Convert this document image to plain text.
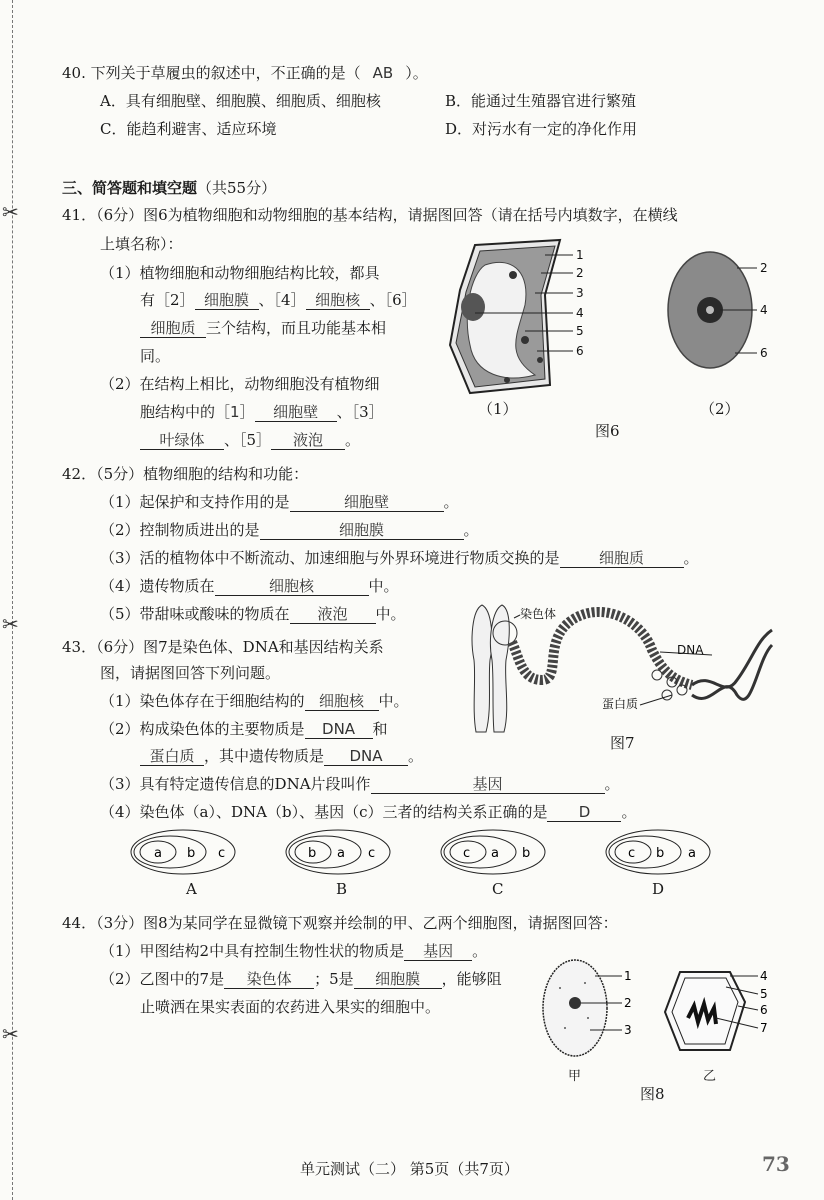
✂
✂
✂
40. 下列关于草履虫的叙述中，不正确的是（ AB ）。
A．具有细胞壁、细胞膜、细胞质、细胞核	B．能通过生殖器官进行繁殖
C．能趋利避害、适应环境	D．对污水有一定的净化作用
三、简答题和填空题（共55分）
41．（6分）图6为植物细胞和动物细胞的基本结构，请据图回答（请在括号内填数字，在横线
上填名称）：
（1）植物细胞和动物细胞结构比较，都具
有［2］ 细胞膜 、［4］ 细胞核 、［6］
细胞质 三个结构，而且功能基本相
同。
（2）在结构上相比，动物细胞没有植物细
胞结构中的［1］ 细胞壁 、［3］
叶绿体 、［5］ 液泡 。
1
2
3
4
5
6
（1）
2
4
6
（2）
图6
42．（5分）植物细胞的结构和功能：
（1）起保护和支持作用的是	细胞壁	。
（2）控制物质进出的是	细胞膜	。
（3）活的植物体中不断流动、加速细胞与外界环境进行物质交换的是	细胞质	。
（4）遗传物质在	细胞核	中。
（5）带甜味或酸味的物质在 液泡 中。
43．（6分）图7是染色体、DNA和基因结构关系
图，请据图回答下列问题。
（1）染色体存在于细胞结构的 细胞核 中。
（2）构成染色体的主要物质是 DNA 和
蛋白质 ，其中遗传物质是 DNA 。
（3）具有特定遗传信息的DNA片段叫作	基因	。
（4）染色体（a）、DNA（b）、基因（c）三者的结构关系正确的是 D 。
染色体
DNA
蛋白质
图7
a b c	b a c	c a b	c b a
A	B	C	D
44．（3分）图8为某同学在显微镜下观察并绘制的甲、乙两个细胞图，请据图回答：
（1）甲图结构2中具有控制生物性状的物质是 基因 。
（2）乙图中的7是 染色体 ；5是 细胞膜 ，能够阻
止喷洒在果实表面的农药进入果实的细胞中。
1
2
3
4
5
6
7
甲	乙
图8
单元测试（二） 第5页（共7页）	73
